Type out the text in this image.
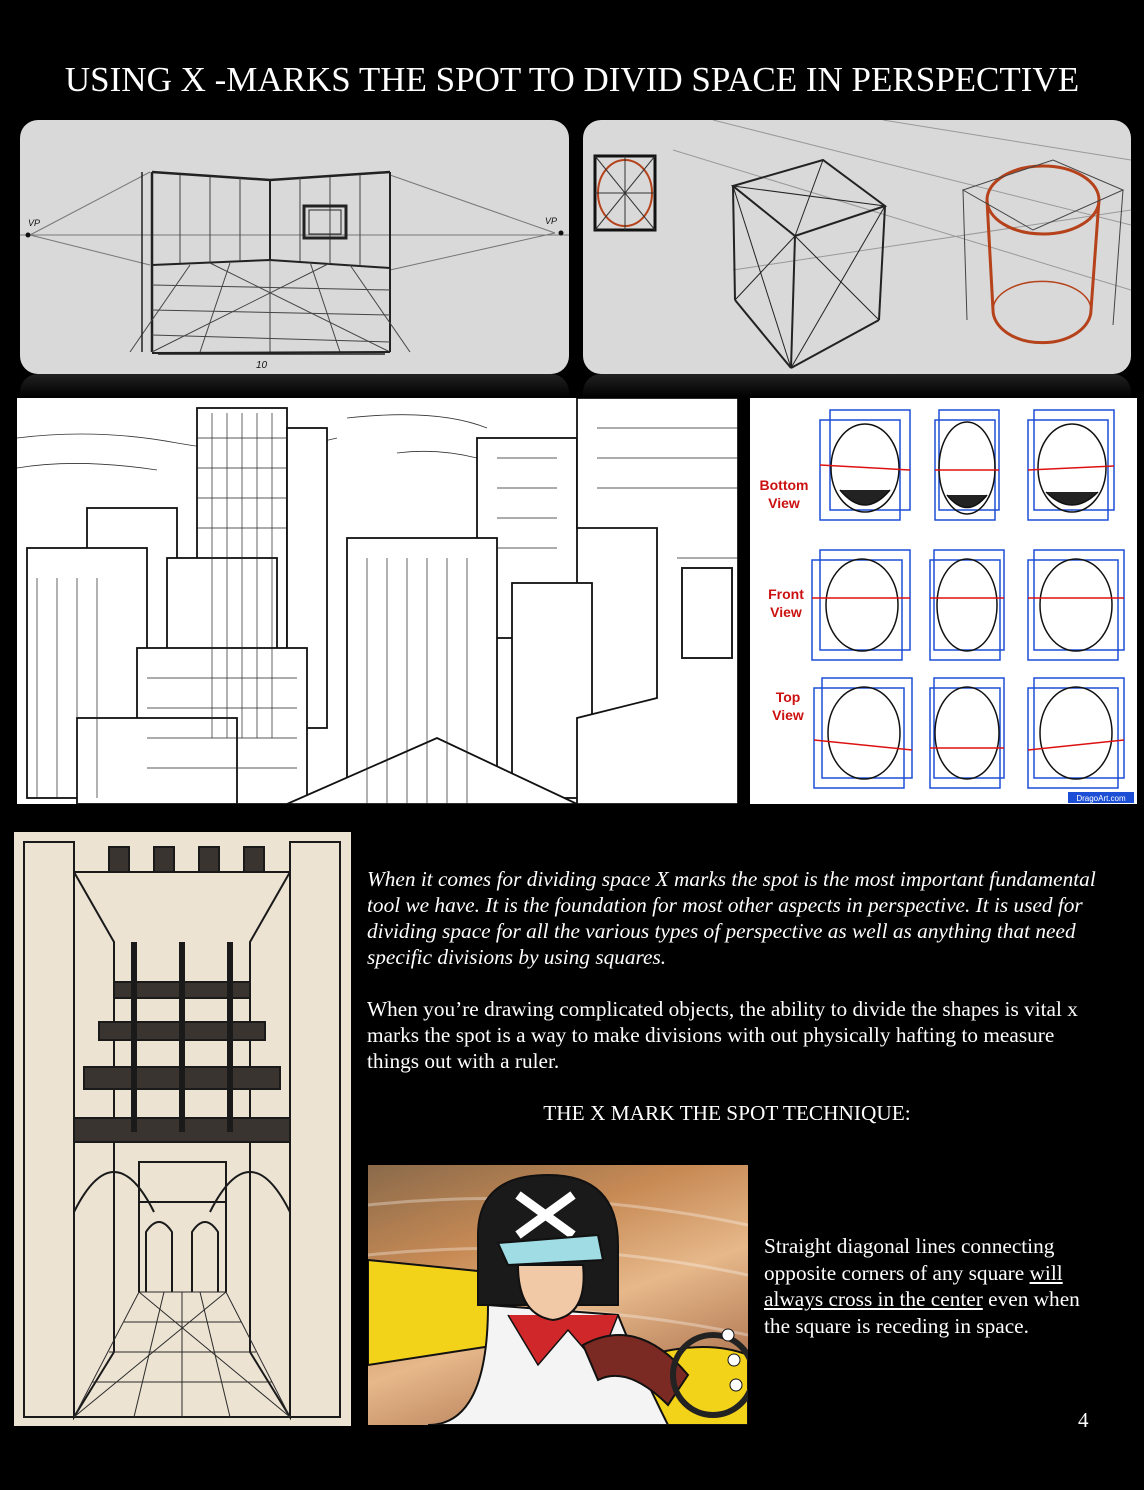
USING X -MARKS THE SPOT TO DIVID SPACE IN PERSPECTIVE
VP	VP
10
Bottom
View
Front
View
Top
View
DragoArt.com
When it comes for dividing space X marks the spot is the most important fundamental tool we have. It is the foundation for most other aspects in perspective. It is used for dividing space for all the various types of perspective as well as anything that need specific divisions by using squares.
When you’re drawing complicated objects, the ability to divide the shapes is vital x marks the spot is a way to make divisions with out physically hafting to measure things out with a ruler.
THE X MARK THE SPOT TECHNIQUE:
Straight diagonal lines connecting opposite corners of any square will always cross in the center even when the square is receding in space.
4
